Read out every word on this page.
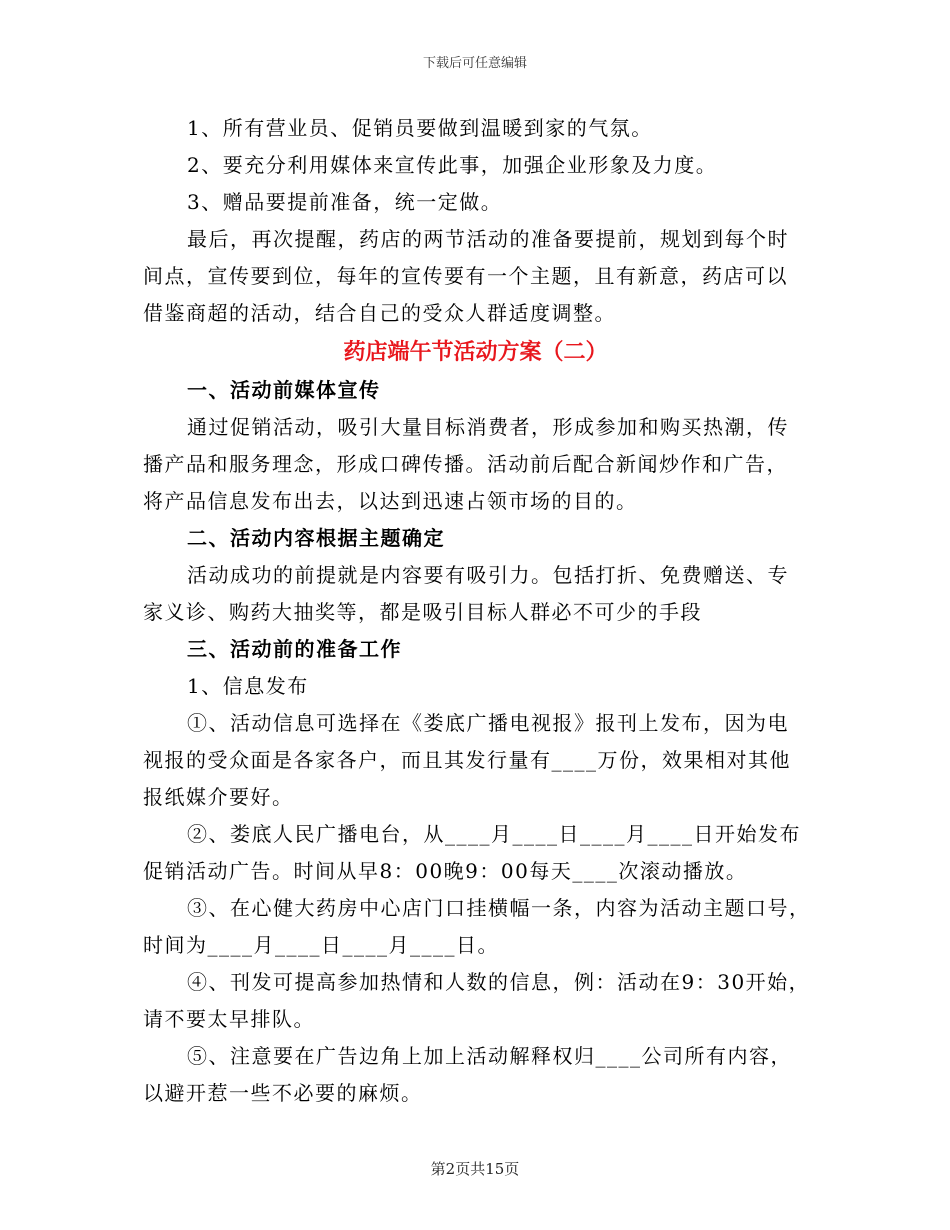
下载后可任意编辑
1、所有营业员、促销员要做到温暖到家的气氛。
2、要充分利用媒体来宣传此事，加强企业形象及力度。
3、赠品要提前准备，统一定做。
最后，再次提醒，药店的两节活动的准备要提前，规划到每个时
间点，宣传要到位，每年的宣传要有一个主题，且有新意，药店可以
借鉴商超的活动，结合自己的受众人群适度调整。
药店端午节活动方案（二）
一、活动前媒体宣传
通过促销活动，吸引大量目标消费者，形成参加和购买热潮，传
播产品和服务理念，形成口碑传播。活动前后配合新闻炒作和广告，
将产品信息发布出去，以达到迅速占领市场的目的。
二、活动内容根据主题确定
活动成功的前提就是内容要有吸引力。包括打折、免费赠送、专
家义诊、购药大抽奖等，都是吸引目标人群必不可少的手段
三、活动前的准备工作
1、信息发布
①、活动信息可选择在《娄底广播电视报》报刊上发布，因为电
视报的受众面是各家各户，而且其发行量有____万份，效果相对其他
报纸媒介要好。
②、娄底人民广播电台，从____月____日____月____日开始发布
促销活动广告。时间从早8：00晚9：00每天____次滚动播放。
③、在心健大药房中心店门口挂横幅一条，内容为活动主题口号，
时间为____月____日____月____日。
④、刊发可提高参加热情和人数的信息，例：活动在9：30开始，
请不要太早排队。
⑤、注意要在广告边角上加上活动解释权归____公司所有内容，
以避开惹一些不必要的麻烦。
第2页共15页
